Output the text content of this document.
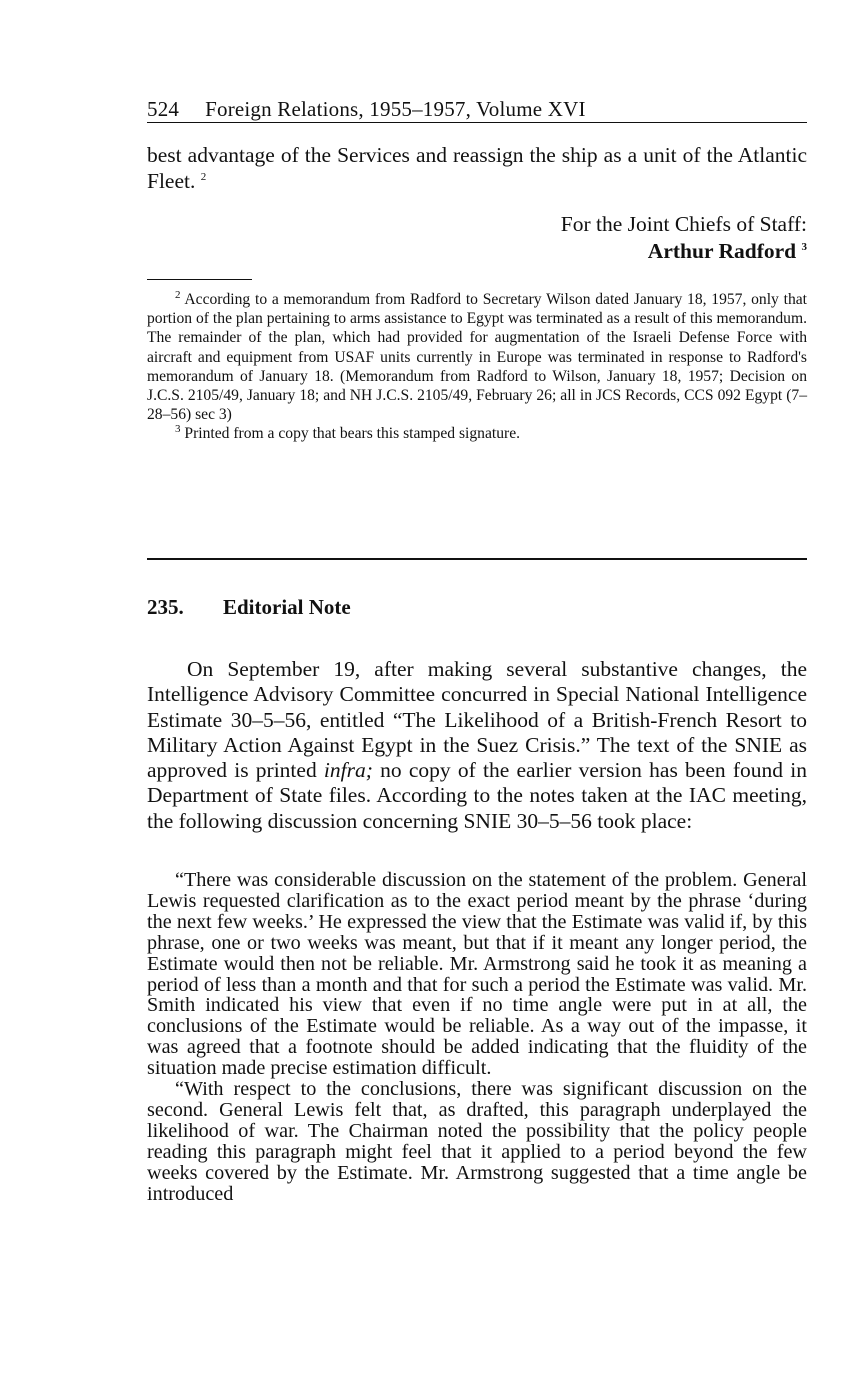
524 Foreign Relations, 1955–1957, Volume XVI
best advantage of the Services and reassign the ship as a unit of the Atlantic Fleet. $^2$
For the Joint Chiefs of Staff:
Arthur Radford $^3$

$^2$ According to a memorandum from Radford to Secretary Wilson dated January 18, 1957, only that portion of the plan pertaining to arms assistance to Egypt was terminated as a result of this memorandum. The remainder of the plan, which had provided for augmentation of the Israeli Defense Force with aircraft and equipment from USAF units currently in Europe was terminated in response to Radford's memorandum of January 18. (Memorandum from Radford to Wilson, January 18, 1957; Decision on J.C.S. 2105/49, January 18; and NH J.C.S. 2105/49, February 26; all in JCS Records, CCS 092 Egypt (7–28–56) sec 3)

$^3$ Printed from a copy that bears this stamped signature.

235. Editorial Note

On September 19, after making several substantive changes, the Intelligence Advisory Committee concurred in Special National Intelligence Estimate 30–5–56, entitled “The Likelihood of a British-French Resort to Military Action Against Egypt in the Suez Crisis.” The text of the SNIE as approved is printed infra; no copy of the earlier version has been found in Department of State files. According to the notes taken at the IAC meeting, the following discussion concerning SNIE 30–5–56 took place:

“There was considerable discussion on the statement of the problem. General Lewis requested clarification as to the exact period meant by the phrase ‘during the next few weeks.’ He expressed the view that the Estimate was valid if, by this phrase, one or two weeks was meant, but that if it meant any longer period, the Estimate would then not be reliable. Mr. Armstrong said he took it as meaning a period of less than a month and that for such a period the Estimate was valid. Mr. Smith indicated his view that even if no time angle were put in at all, the conclusions of the Estimate would be reliable. As a way out of the impasse, it was agreed that a footnote should be added indicating that the fluidity of the situation made precise estimation difficult.

“With respect to the conclusions, there was significant discussion on the second. General Lewis felt that, as drafted, this paragraph underplayed the likelihood of war. The Chairman noted the possibility that the policy people reading this paragraph might feel that it applied to a period beyond the few weeks covered by the Estimate. Mr. Armstrong suggested that a time angle be introduced
